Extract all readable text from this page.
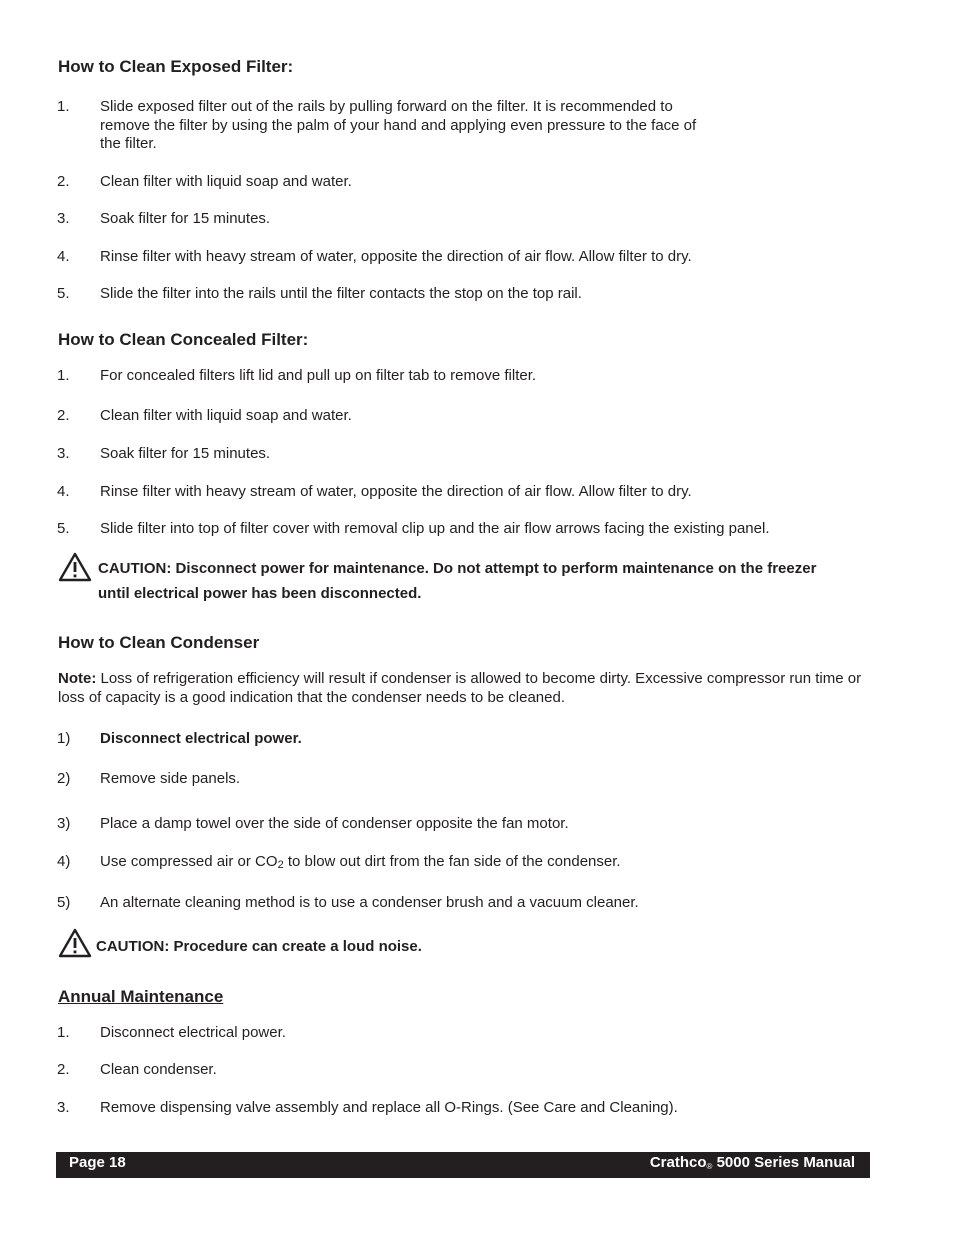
How to Clean Exposed Filter:
1. Slide exposed filter out of the rails by pulling forward on the filter. It is recommended to remove the filter by using the palm of your hand and applying even pressure to the face of the filter.
2. Clean filter with liquid soap and water.
3. Soak filter for 15 minutes.
4. Rinse filter with heavy stream of water, opposite the direction of air flow. Allow filter to dry.
5. Slide the filter into the rails until the filter contacts the stop on the top rail.
How to Clean Concealed Filter:
1. For concealed filters lift lid and pull up on filter tab to remove filter.
2. Clean filter with liquid soap and water.
3. Soak filter for 15 minutes.
4. Rinse filter with heavy stream of water, opposite the direction of air flow. Allow filter to dry.
5. Slide filter into top of filter cover with removal clip up and the air flow arrows facing the existing panel.
CAUTION: Disconnect power for maintenance. Do not attempt to perform maintenance on the freezer
until electrical power has been disconnected.
How to Clean Condenser
Note: Loss of refrigeration efficiency will result if condenser is allowed to become dirty. Excessive compressor run time or loss of capacity is a good indication that the condenser needs to be cleaned.
1) Disconnect electrical power.
2) Remove side panels.
3) Place a damp towel over the side of condenser opposite the fan motor.
4) Use compressed air or $CO_2$ to blow out dirt from the fan side of the condenser.
5) An alternate cleaning method is to use a condenser brush and a vacuum cleaner.
CAUTION: Procedure can create a loud noise.
Annual Maintenance
1. Disconnect electrical power.
2. Clean condenser.
3. Remove dispensing valve assembly and replace all O-Rings. (See Care and Cleaning).
Page 18	Crathco® 5000 Series Manual
